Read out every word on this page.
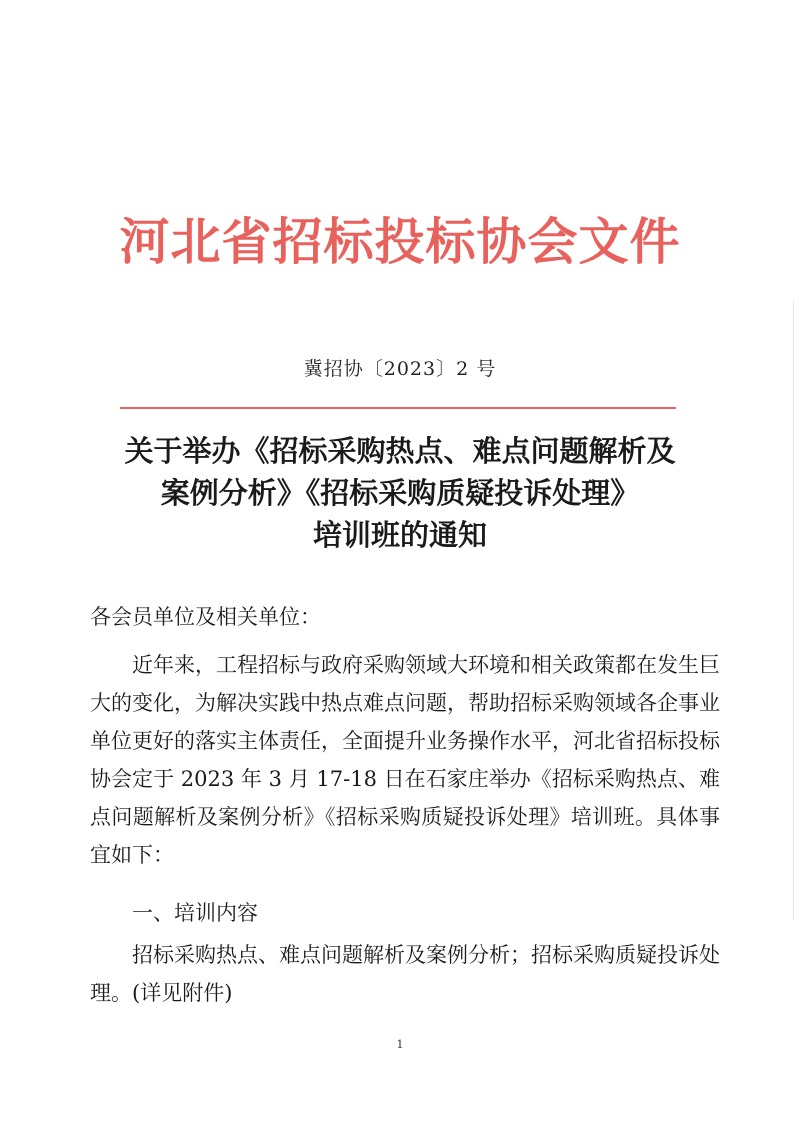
河北省招标投标协会文件
冀招协〔2023〕2 号
关于举办《招标采购热点、难点问题解析及
案例分析》《招标采购质疑投诉处理》
培训班的通知
各会员单位及相关单位：
近年来，工程招标与政府采购领域大环境和相关政策都在发生巨大的变化，为解决实践中热点难点问题，帮助招标采购领域各企事业单位更好的落实主体责任，全面提升业务操作水平，河北省招标投标协会定于 2023 年 3 月 17-18 日在石家庄举办《招标采购热点、难点问题解析及案例分析》《招标采购质疑投诉处理》培训班。具体事宜如下：
一、培训内容
招标采购热点、难点问题解析及案例分析；招标采购质疑投诉处理。(详见附件)
1
